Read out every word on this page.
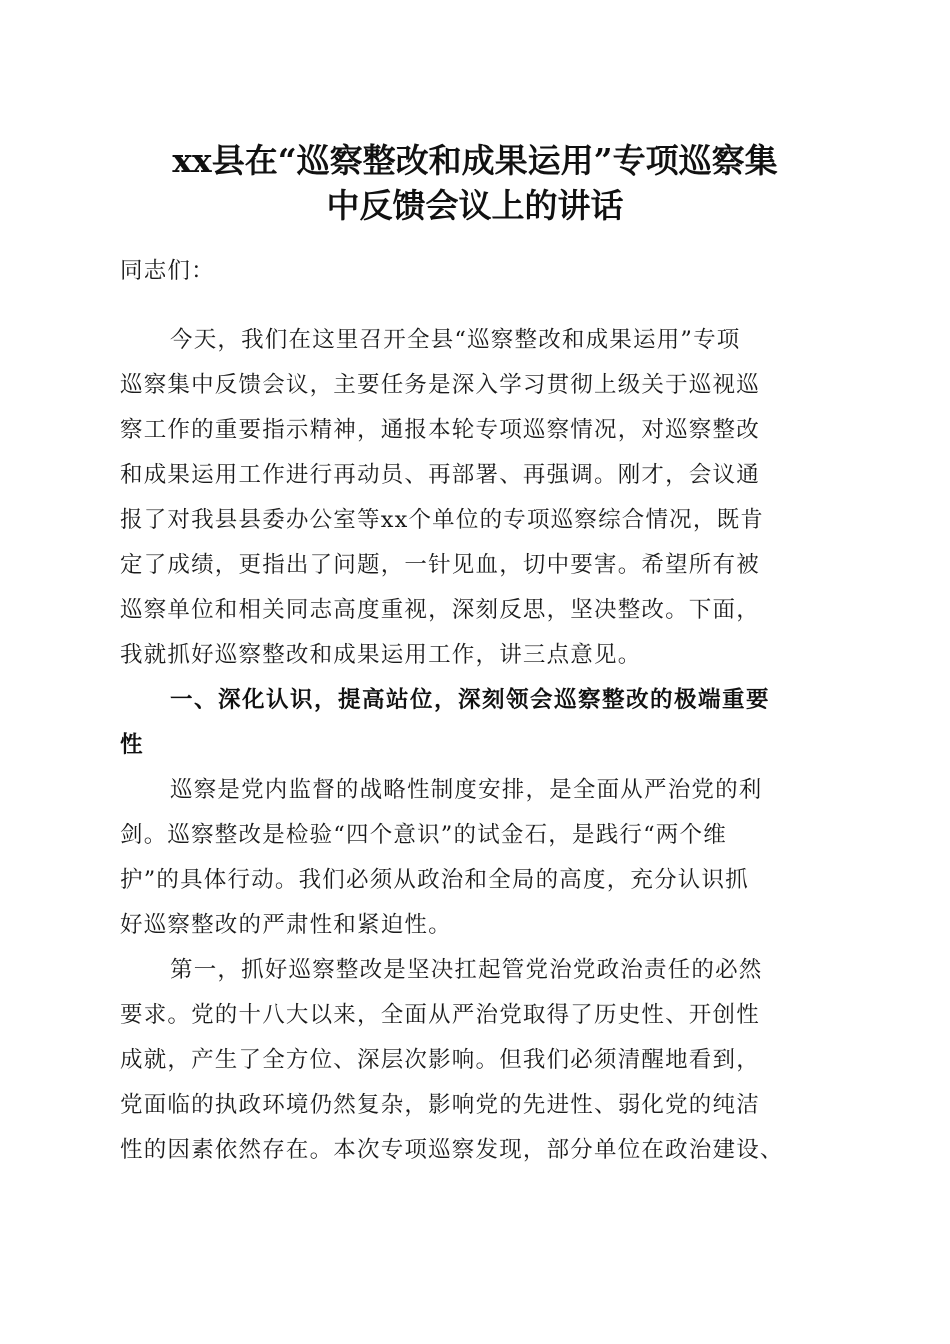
xx县在“巡察整改和成果运用”专项巡察集
中反馈会议上的讲话
同志们：
今天，我们在这里召开全县“巡察整改和成果运用”专项
巡察集中反馈会议，主要任务是深入学习贯彻上级关于巡视巡
察工作的重要指示精神，通报本轮专项巡察情况，对巡察整改
和成果运用工作进行再动员、再部署、再强调。刚才，会议通
报了对我县县委办公室等xx个单位的专项巡察综合情况，既肯
定了成绩，更指出了问题，一针见血，切中要害。希望所有被
巡察单位和相关同志高度重视，深刻反思，坚决整改。下面，
我就抓好巡察整改和成果运用工作，讲三点意见。
一、深化认识，提高站位，深刻领会巡察整改的极端重要
性
巡察是党内监督的战略性制度安排，是全面从严治党的利
剑。巡察整改是检验“四个意识”的试金石，是践行“两个维
护”的具体行动。我们必须从政治和全局的高度，充分认识抓
好巡察整改的严肃性和紧迫性。
第一，抓好巡察整改是坚决扛起管党治党政治责任的必然
要求。党的十八大以来，全面从严治党取得了历史性、开创性
成就，产生了全方位、深层次影响。但我们必须清醒地看到，
党面临的执政环境仍然复杂，影响党的先进性、弱化党的纯洁
性的因素依然存在。本次专项巡察发现，部分单位在政治建设、
